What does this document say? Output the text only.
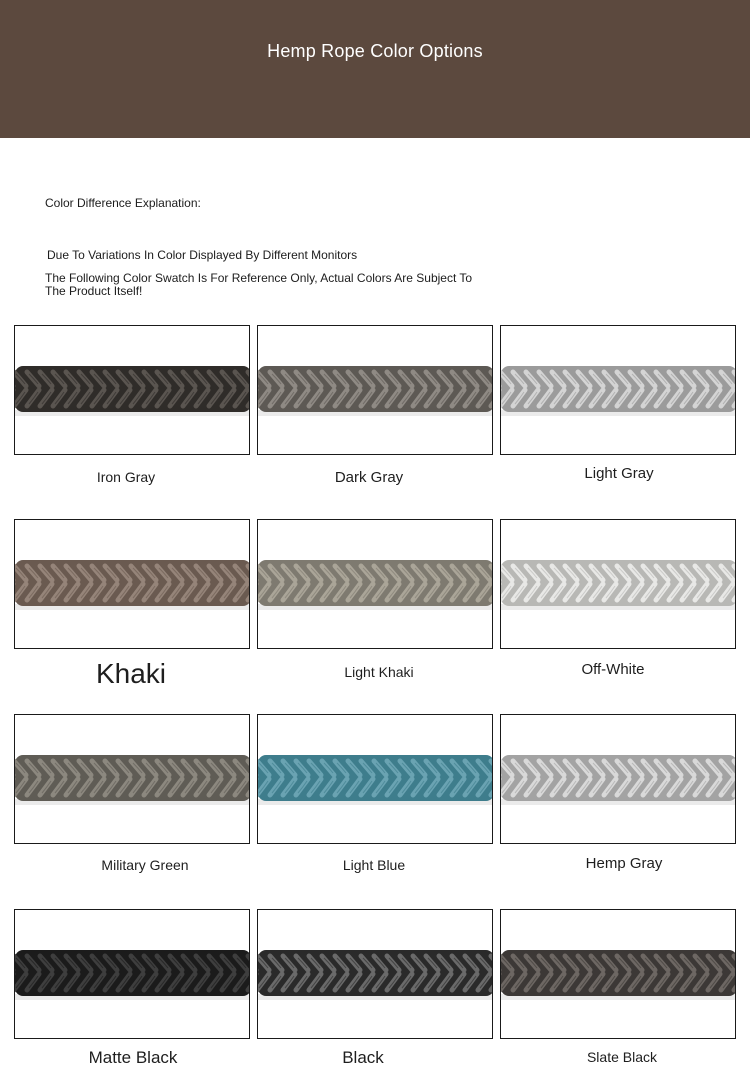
Hemp Rope Color Options
Color Difference Explanation:
Due To Variations In Color Displayed By Different Monitors
The Following Color Swatch Is For Reference Only, Actual Colors Are Subject To The Product Itself!
Iron Gray	Dark Gray	Light Gray
Khaki	Light Khaki	Off-White
Military Green	Light Blue	Hemp Gray
Matte Black	Black	Slate Black
